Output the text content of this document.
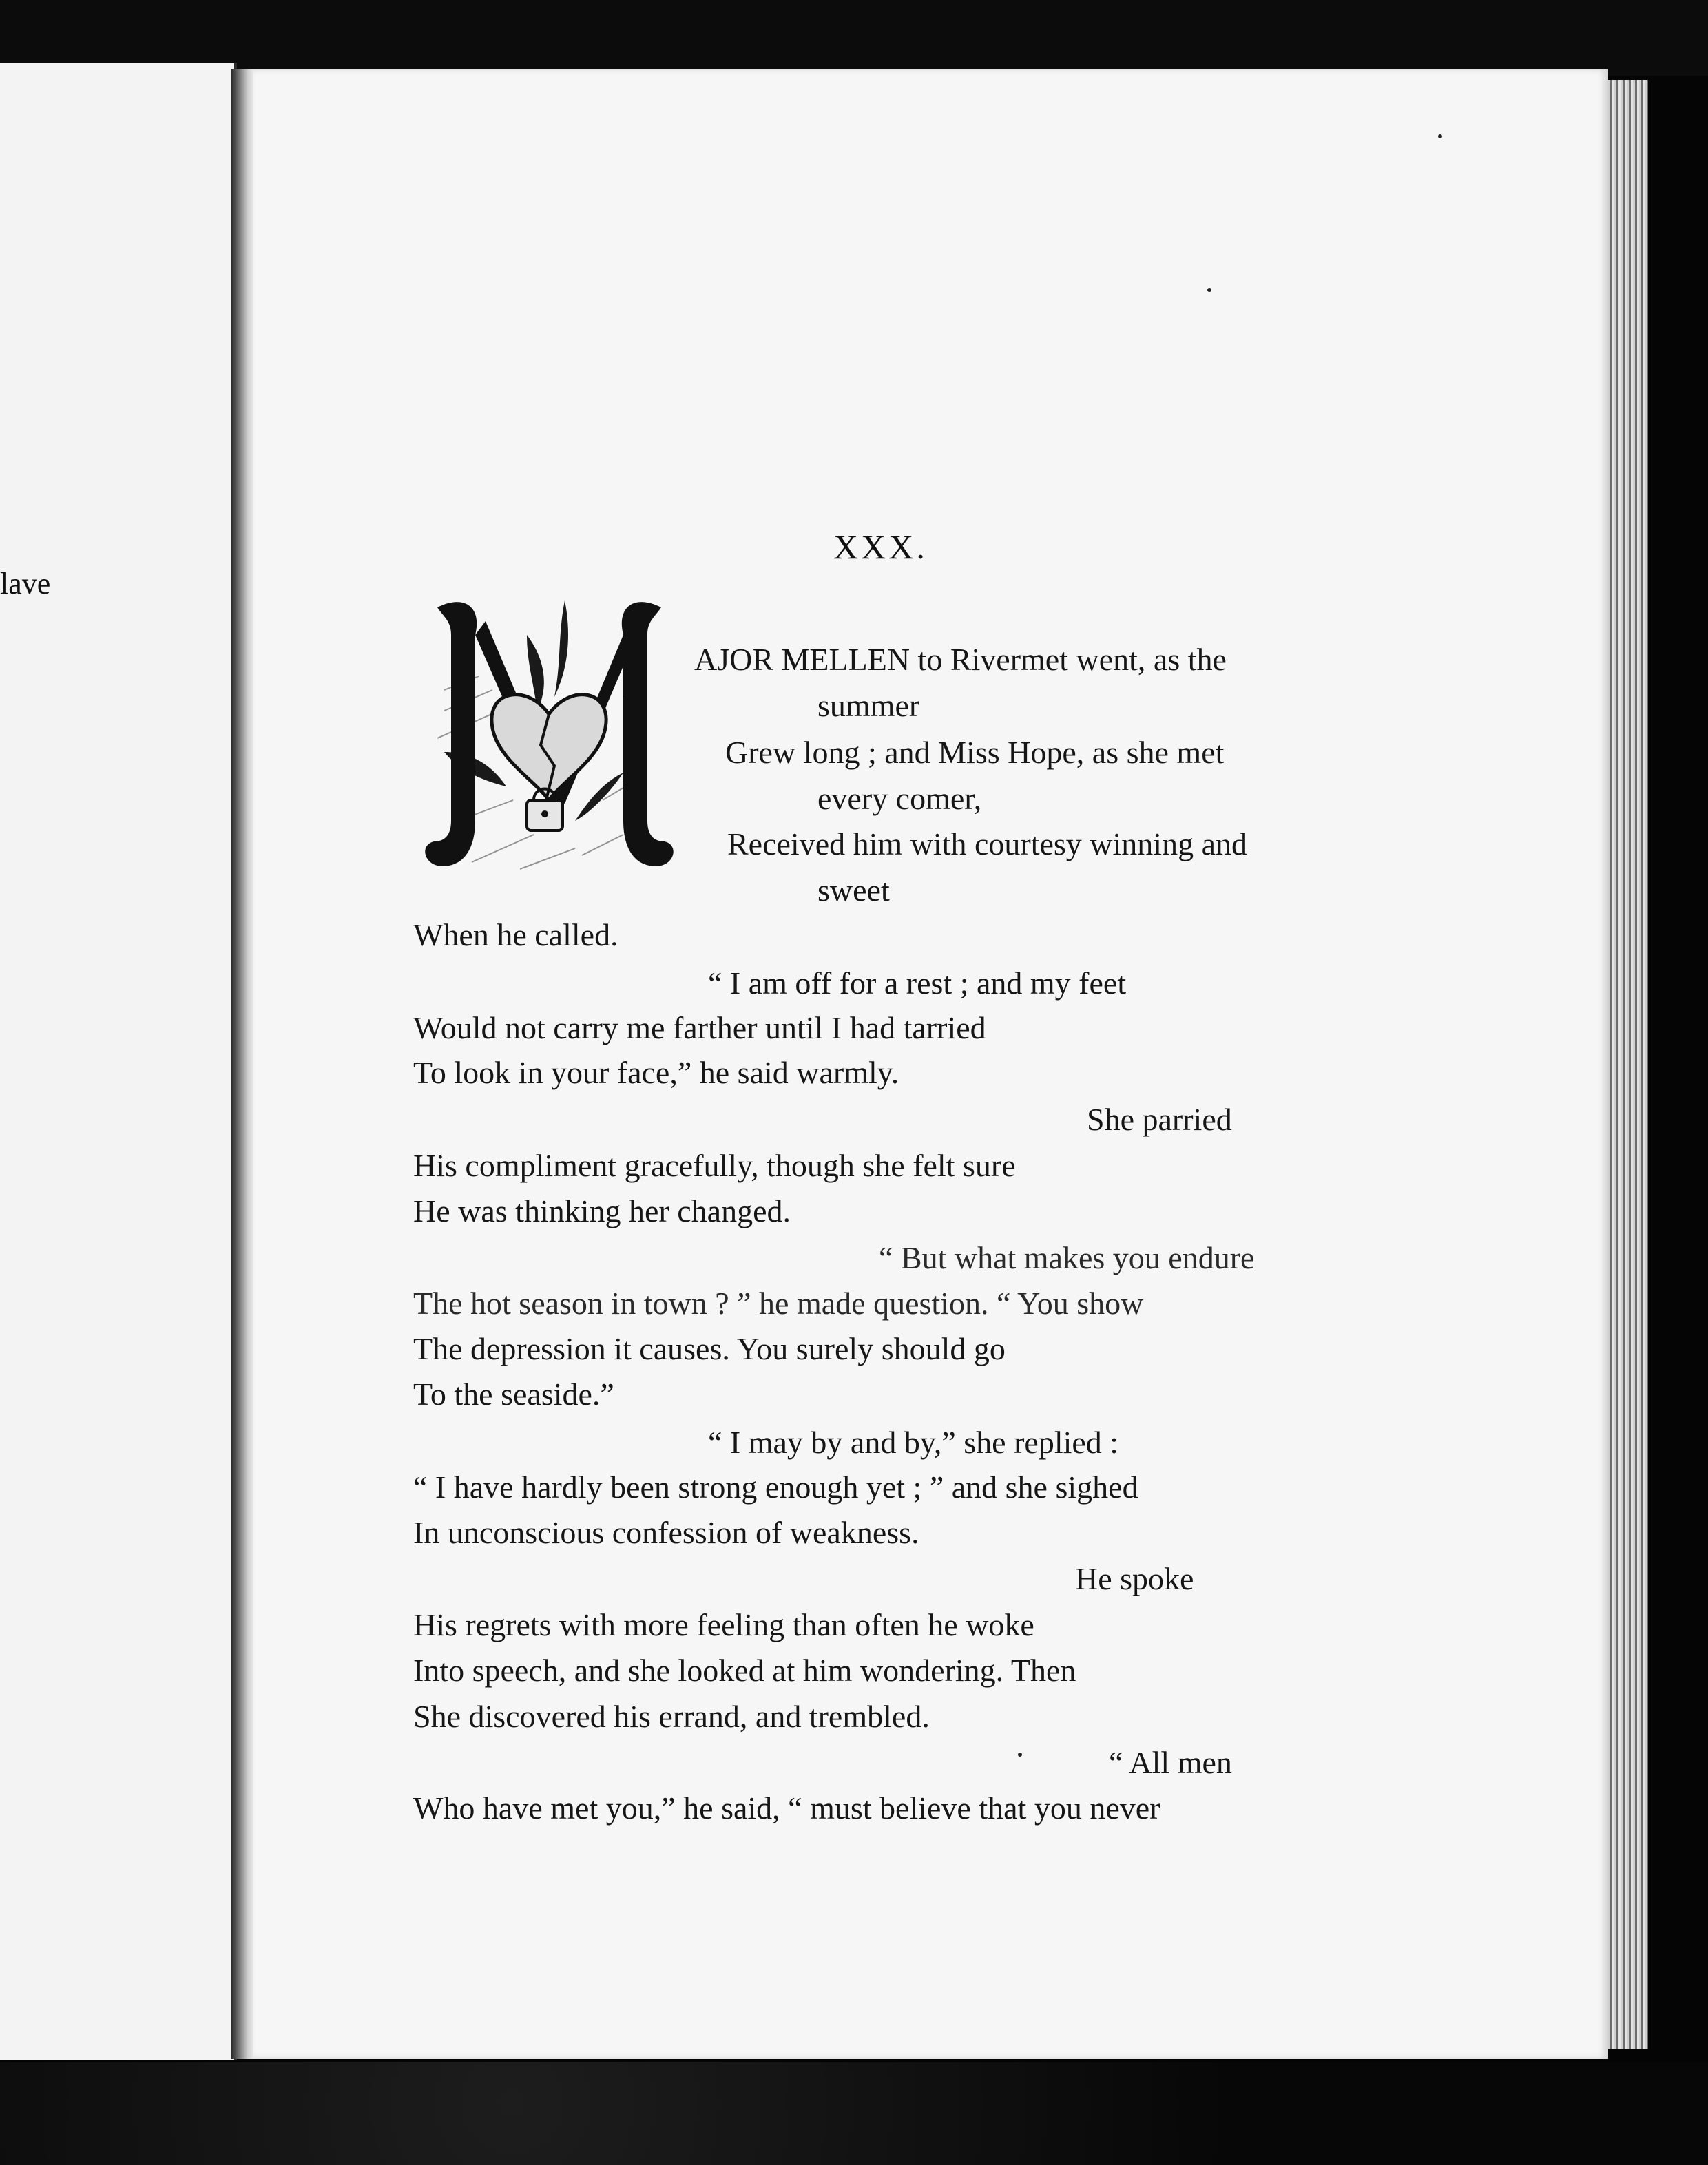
lave
XXX.
AJOR MELLEN to Rivermet went, as the
summer
Grew long ; and Miss Hope, as she met
every comer,
Received him with courtesy winning and
sweet
When he called.
“ I am off for a rest ; and my feet
Would not carry me farther until I had tarried
To look in your face,” he said warmly.
She parried
His compliment gracefully, though she felt sure
He was thinking her changed.
“ But what makes you endure
The hot season in town ? ” he made question. “ You show
The depression it causes. You surely should go
To the seaside.”
“ I may by and by,” she replied :
“ I have hardly been strong enough yet ; ” and she sighed
In unconscious confession of weakness.
He spoke
His regrets with more feeling than often he woke
Into speech, and she looked at him wondering. Then
She discovered his errand, and trembled.
“ All men
Who have met you,” he said, “ must believe that you never
